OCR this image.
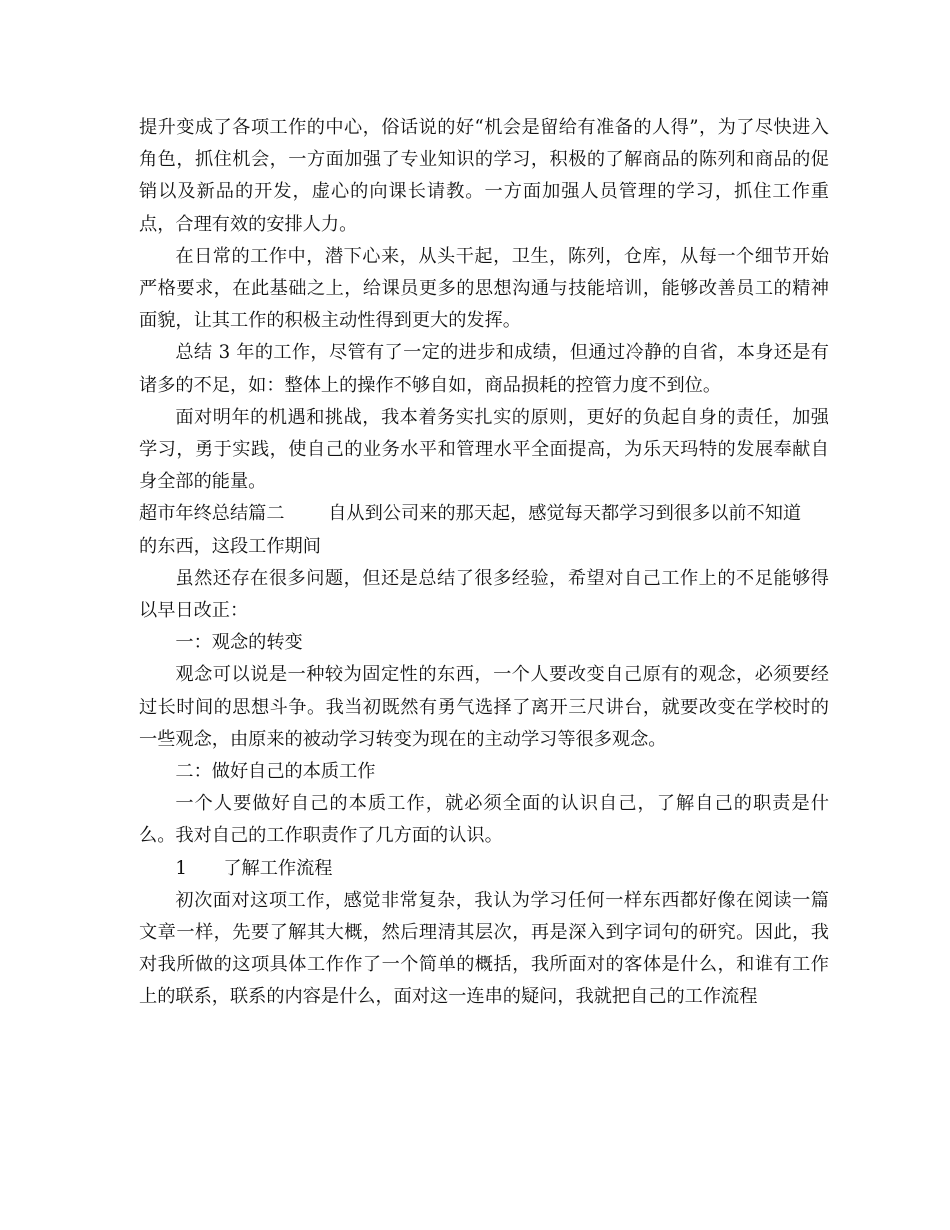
提升变成了各项工作的中心，俗话说的好“机会是留给有准备的人得”，为了尽快进入角色，抓住机会，一方面加强了专业知识的学习，积极的了解商品的陈列和商品的促销以及新品的开发，虚心的向课长请教。一方面加强人员管理的学习，抓住工作重点，合理有效的安排人力。

在日常的工作中，潜下心来，从头干起，卫生，陈列，仓库，从每一个细节开始严格要求，在此基础之上，给课员更多的思想沟通与技能培训，能够改善员工的精神面貌，让其工作的积极主动性得到更大的发挥。

总结 3 年的工作，尽管有了一定的进步和成绩，但通过冷静的自省，本身还是有诸多的不足，如：整体上的操作不够自如，商品损耗的控管力度不到位。

面对明年的机遇和挑战，我本着务实扎实的原则，更好的负起自身的责任，加强学习，勇于实践，使自己的业务水平和管理水平全面提高，为乐天玛特的发展奉献自身全部的能量。

超市年终总结篇二 自从到公司来的那天起，感觉每天都学习到很多以前不知道

的东西，这段工作期间

虽然还存在很多问题，但还是总结了很多经验，希望对自己工作上的不足能够得以早日改正：

一：观念的转变

观念可以说是一种较为固定性的东西，一个人要改变自己原有的观念，必须要经过长时间的思想斗争。我当初既然有勇气选择了离开三尺讲台，就要改变在学校时的一些观念，由原来的被动学习转变为现在的主动学习等很多观念。

二：做好自己的本质工作

一个人要做好自己的本质工作，就必须全面的认识自己，了解自己的职责是什么。我对自己的工作职责作了几方面的认识。

1 了解工作流程

初次面对这项工作，感觉非常复杂，我认为学习任何一样东西都好像在阅读一篇文章一样，先要了解其大概，然后理清其层次，再是深入到字词句的研究。因此，我对我所做的这项具体工作作了一个简单的概括，我所面对的客体是什么，和谁有工作上的联系，联系的内容是什么，面对这一连串的疑问，我就把自己的工作流程
